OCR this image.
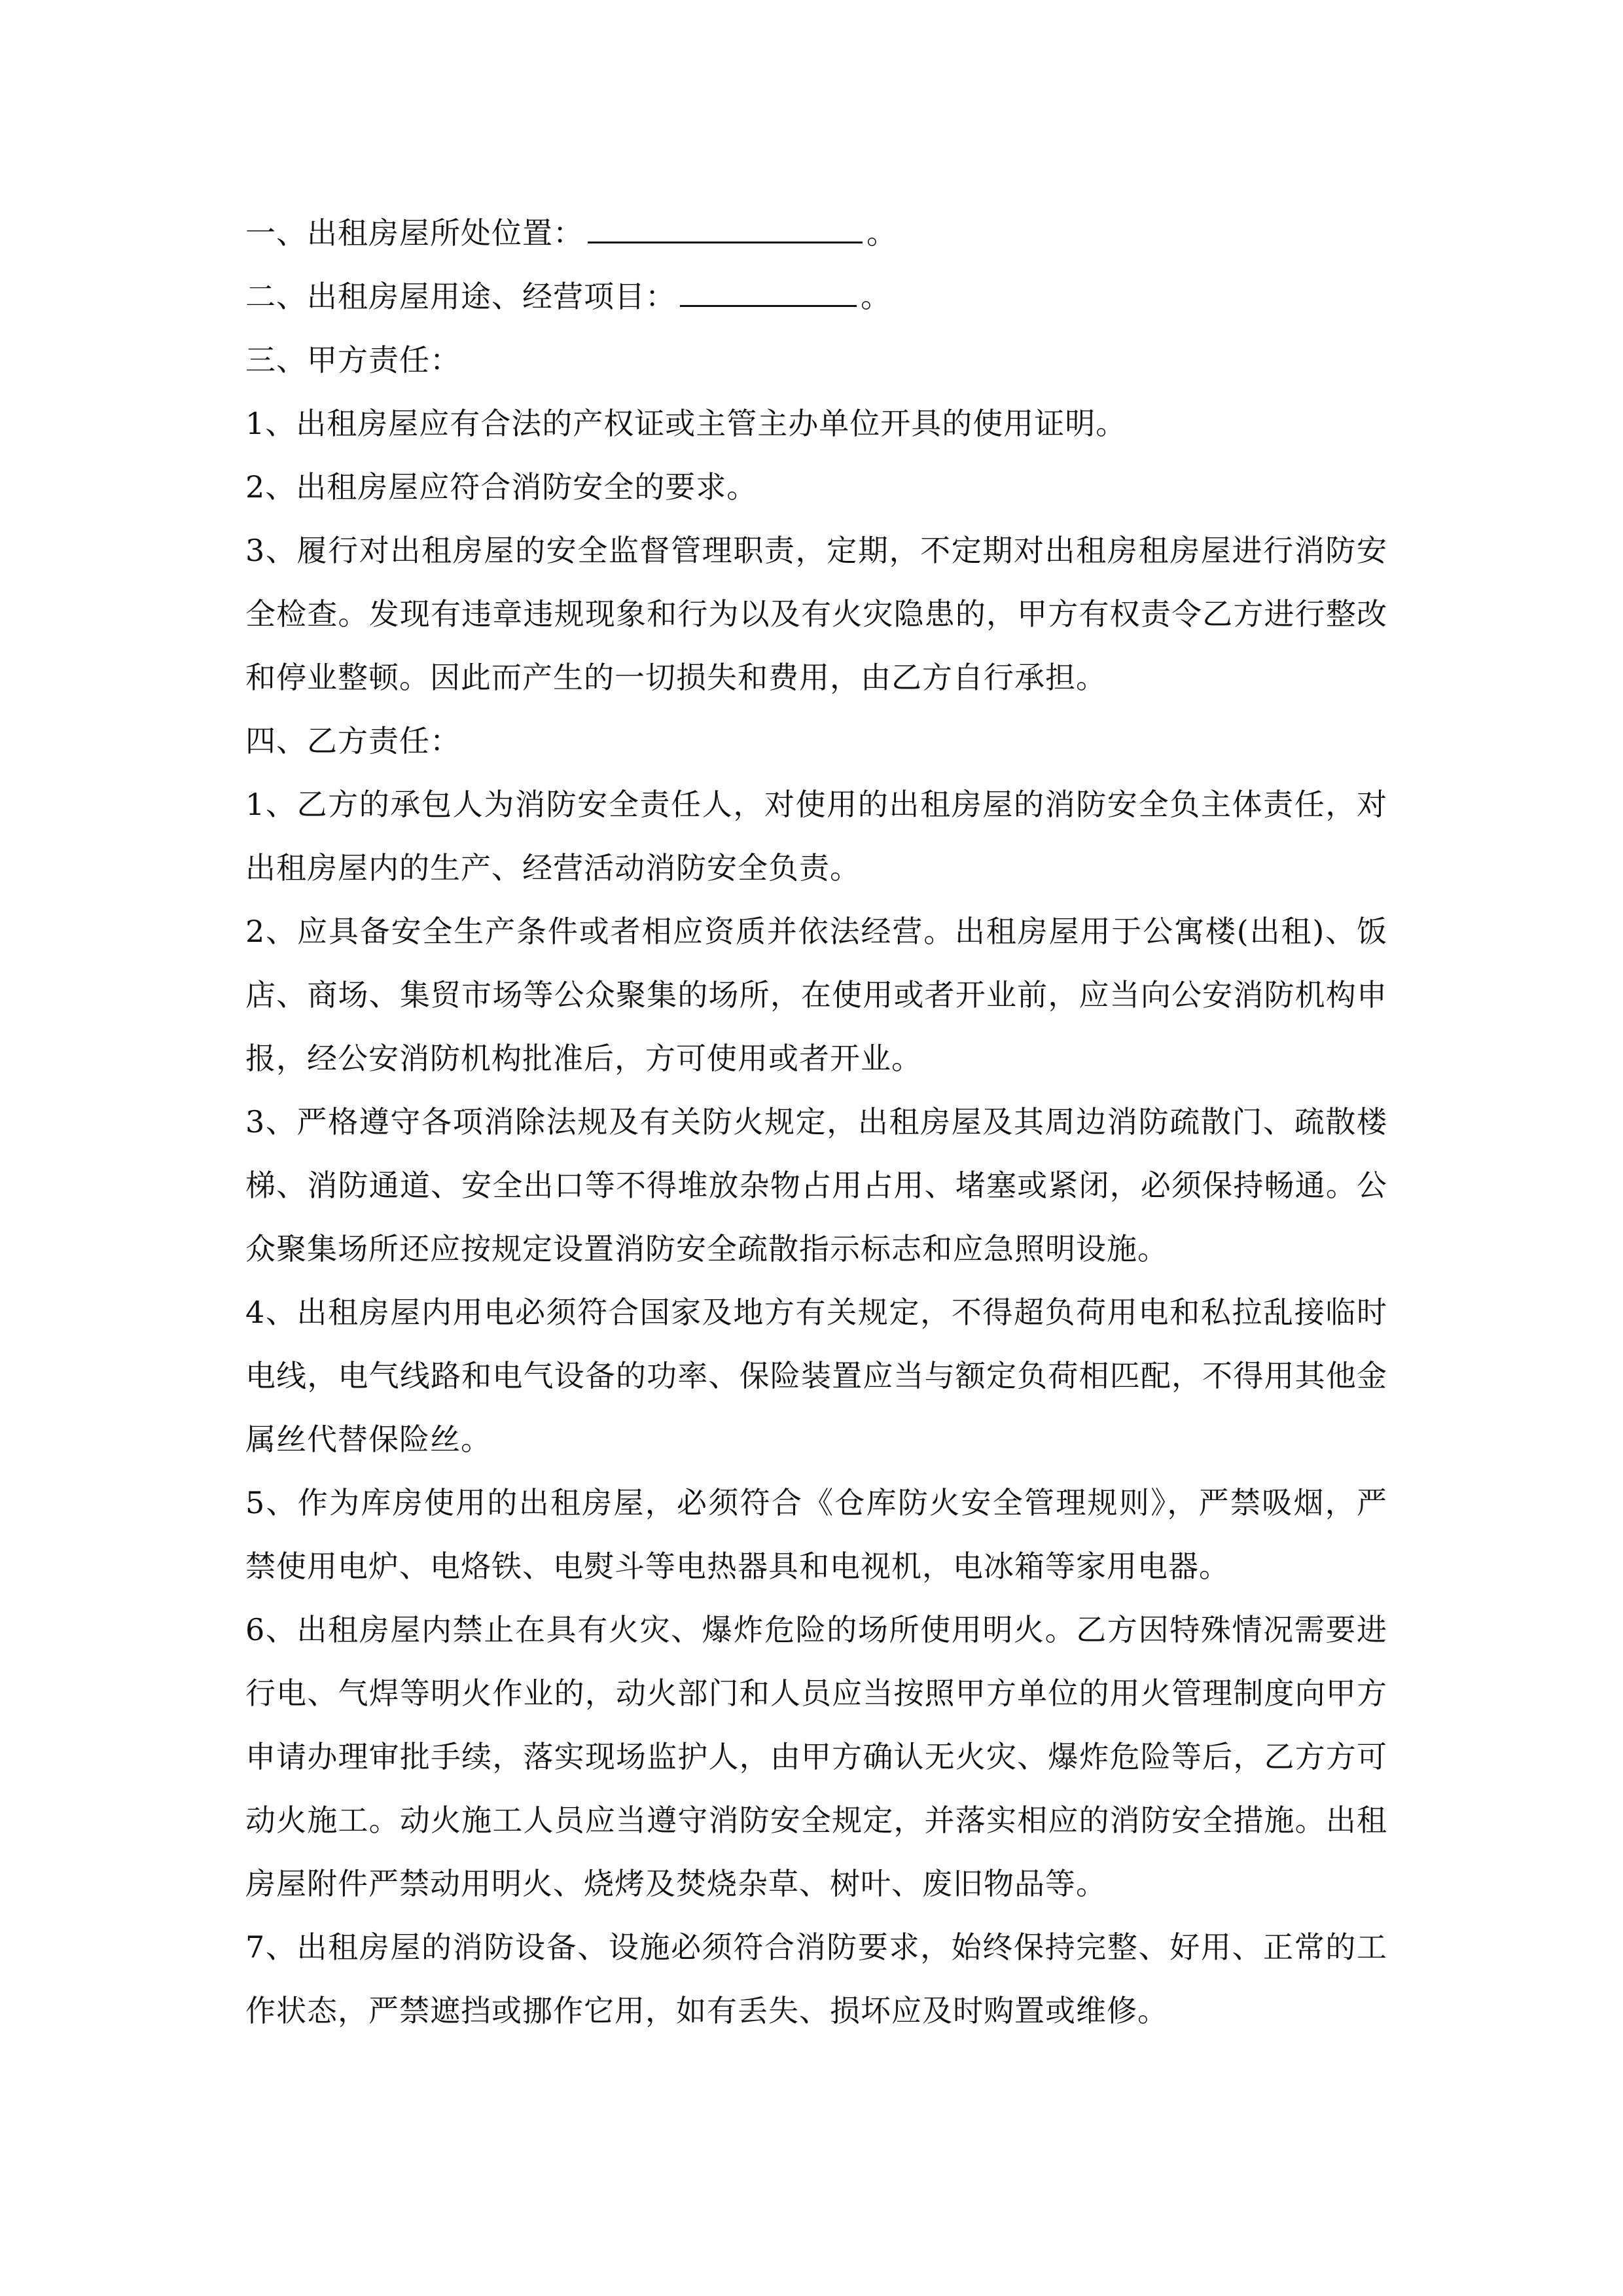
一、出租房屋所处位置：	。

二、出租房屋用途、经营项目：	。

三、甲方责任：

1、出租房屋应有合法的产权证或主管主办单位开具的使用证明。

2、出租房屋应符合消防安全的要求。

3、履行对出租房屋的安全监督管理职责，定期，不定期对出租房租房屋进行消防安全检查。发现有违章违规现象和行为以及有火灾隐患的，甲方有权责令乙方进行整改和停业整顿。因此而产生的一切损失和费用，由乙方自行承担。

四、乙方责任：

1、乙方的承包人为消防安全责任人，对使用的出租房屋的消防安全负主体责任，对出租房屋内的生产、经营活动消防安全负责。

2、应具备安全生产条件或者相应资质并依法经营。出租房屋用于公寓楼(出租)、饭店、商场、集贸市场等公众聚集的场所，在使用或者开业前，应当向公安消防机构申报，经公安消防机构批准后，方可使用或者开业。

3、严格遵守各项消除法规及有关防火规定，出租房屋及其周边消防疏散门、疏散楼梯、消防通道、安全出口等不得堆放杂物占用占用、堵塞或紧闭，必须保持畅通。公众聚集场所还应按规定设置消防安全疏散指示标志和应急照明设施。

4、出租房屋内用电必须符合国家及地方有关规定，不得超负荷用电和私拉乱接临时电线，电气线路和电气设备的功率、保险装置应当与额定负荷相匹配，不得用其他金属丝代替保险丝。

5、作为库房使用的出租房屋，必须符合《仓库防火安全管理规则》，严禁吸烟，严禁使用电炉、电烙铁、电熨斗等电热器具和电视机，电冰箱等家用电器。

6、出租房屋内禁止在具有火灾、爆炸危险的场所使用明火。乙方因特殊情况需要进行电、气焊等明火作业的，动火部门和人员应当按照甲方单位的用火管理制度向甲方申请办理审批手续，落实现场监护人，由甲方确认无火灾、爆炸危险等后，乙方方可动火施工。动火施工人员应当遵守消防安全规定，并落实相应的消防安全措施。出租房屋附件严禁动用明火、烧烤及焚烧杂草、树叶、废旧物品等。

7、出租房屋的消防设备、设施必须符合消防要求，始终保持完整、好用、正常的工作状态，严禁遮挡或挪作它用，如有丢失、损坏应及时购置或维修。
